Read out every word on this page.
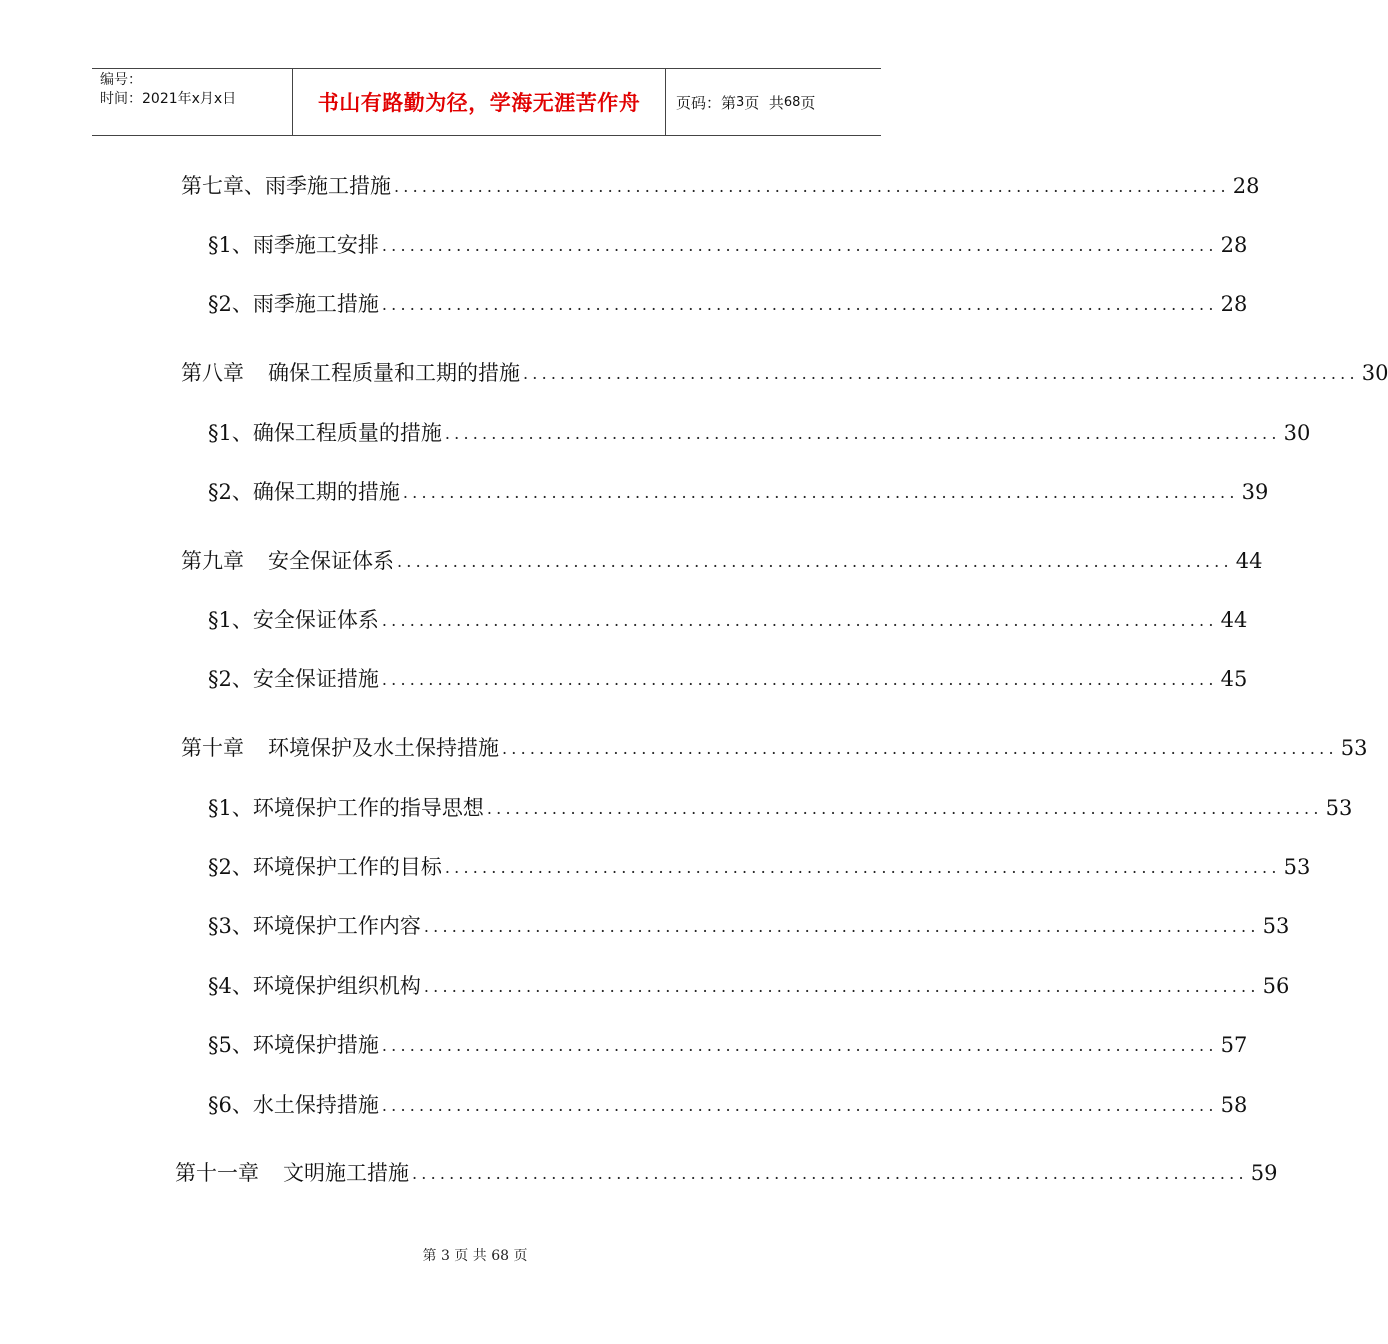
编号：
时间：2021年x月x日	书山有路勤为径，学海无涯苦作舟	页码：第 3 页  共 68 页
第七章、雨季施工措施 .......................................................................................... 28
§1、雨季施工安排 .......................................................................................... 28
§2、雨季施工措施 .......................................................................................... 28
第八章 确保工程质量和工期的措施 .......................................................................................... 30
§1、确保工程质量的措施 .......................................................................................... 30
§2、确保工期的措施 .......................................................................................... 39
第九章 安全保证体系 .......................................................................................... 44
§1、安全保证体系 .......................................................................................... 44
§2、安全保证措施 .......................................................................................... 45
第十章 环境保护及水土保持措施 .......................................................................................... 53
§1、环境保护工作的指导思想 .......................................................................................... 53
§2、环境保护工作的目标 .......................................................................................... 53
§3、环境保护工作内容 .......................................................................................... 53
§4、环境保护组织机构 .......................................................................................... 56
§5、环境保护措施 .......................................................................................... 57
§6、水土保持措施 .......................................................................................... 58
第十一章 文明施工措施 .......................................................................................... 59
第 3 页 共 68 页
